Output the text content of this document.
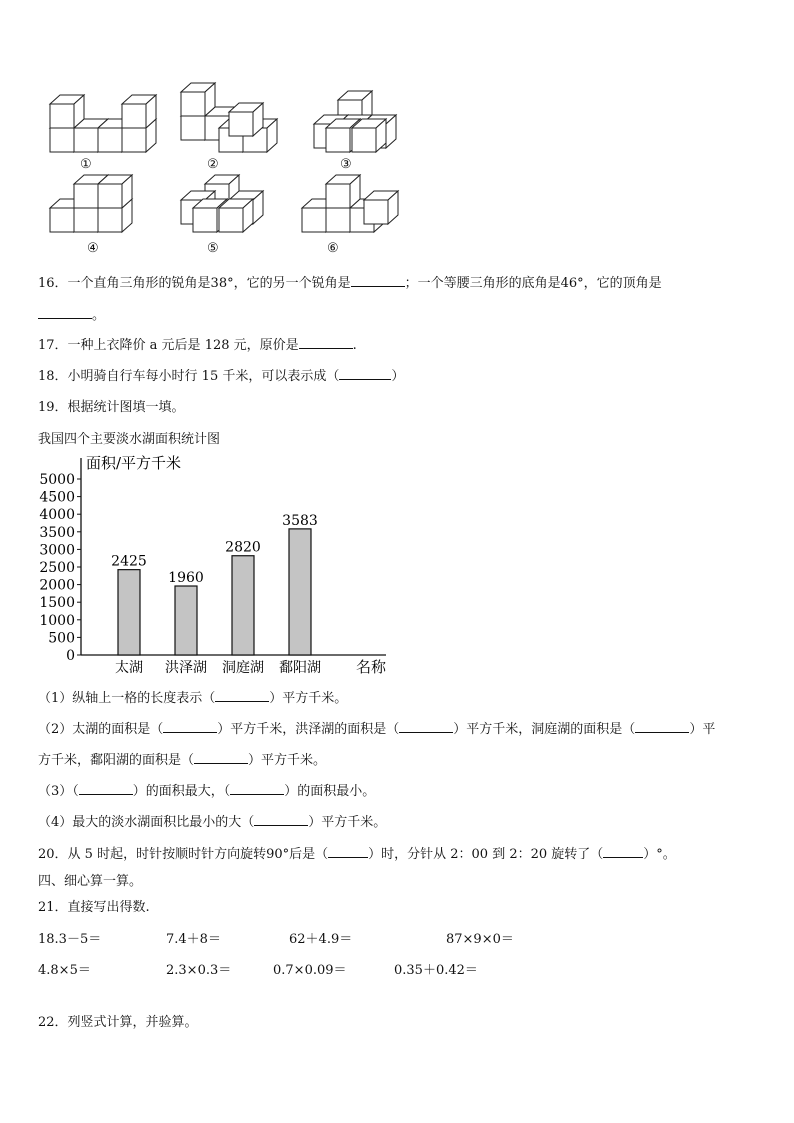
①	②	③
④	⑤	⑥
16．一个直角三角形的锐角是38°，它的另一个锐角是	；一个等腰三角形的底角是46°，它的顶角是
。
17．一种上衣降价 a 元后是 128 元，原价是	.
18．小明骑自行车每小时行 15 千米，可以表示成（	）
19．根据统计图填一填。
我国四个主要淡水湖面积统计图
面积/平方千米
名称
0
500
1000
1500
2000
2500
3000
3500
4000
4500
5000
2425
太湖
1960
洪泽湖
2820
洞庭湖
3583
鄱阳湖
（1）纵轴上一格的长度表示（	）平方千米。
（2）太湖的面积是（	）平方千米，洪泽湖的面积是（	）平方千米，洞庭湖的面积是（	）平
方千米，鄱阳湖的面积是（	）平方千米。
（3）（	）的面积最大，（	）的面积最小。
（4）最大的淡水湖面积比最小的大（	）平方千米。
20．从 5 时起，时针按顺时针方向旋转90°后是（	）时，分针从 2：00 到 2：20 旋转了（	）°。
四、细心算一算。
21．直接写出得数.
18.3－5＝	7.4＋8＝	62＋4.9＝	87×9×0＝
4.8×5＝	2.3×0.3＝	0.7×0.09＝	0.35＋0.42＝
22．列竖式计算，并验算。
